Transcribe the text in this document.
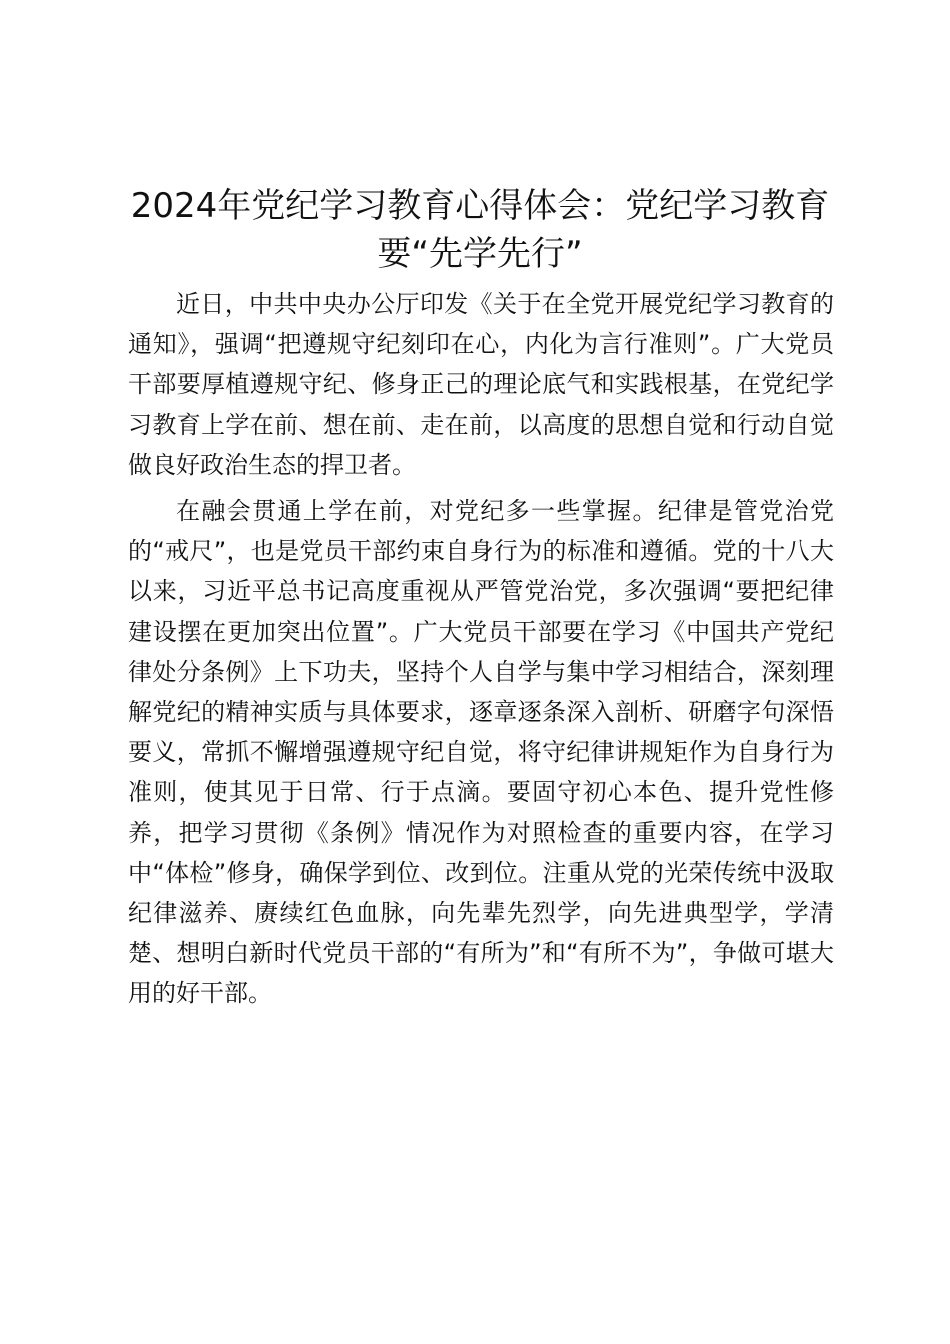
2024年党纪学习教育心得体会：党纪学习教育要“先学先行”

近日，中共中央办公厅印发《关于在全党开展党纪学习教育的通知》，强调“把遵规守纪刻印在心，内化为言行准则”。广大党员干部要厚植遵规守纪、修身正己的理论底气和实践根基，在党纪学习教育上学在前、想在前、走在前，以高度的思想自觉和行动自觉做良好政治生态的捍卫者。

在融会贯通上学在前，对党纪多一些掌握。纪律是管党治党的“戒尺”，也是党员干部约束自身行为的标准和遵循。党的十八大以来，习近平总书记高度重视从严管党治党，多次强调“要把纪律建设摆在更加突出位置”。广大党员干部要在学习《中国共产党纪律处分条例》上下功夫，坚持个人自学与集中学习相结合，深刻理解党纪的精神实质与具体要求，逐章逐条深入剖析、研磨字句深悟要义，常抓不懈增强遵规守纪自觉，将守纪律讲规矩作为自身行为准则，使其见于日常、行于点滴。要固守初心本色、提升党性修养，把学习贯彻《条例》情况作为对照检查的重要内容，在学习中“体检”修身，确保学到位、改到位。注重从党的光荣传统中汲取纪律滋养、赓续红色血脉，向先辈先烈学，向先进典型学，学清楚、想明白新时代党员干部的“有所为”和“有所不为”，争做可堪大用的好干部。
